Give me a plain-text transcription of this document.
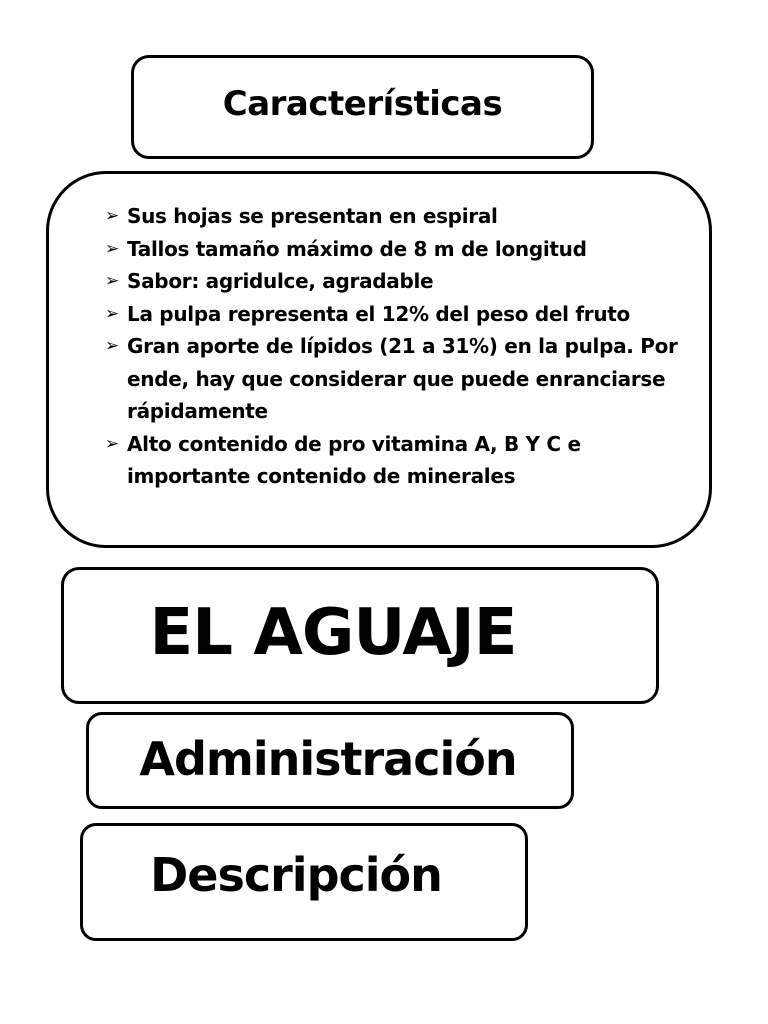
Características
➢ Sus hojas se presentan en espiral
➢ Tallos tamaño máximo de 8 m de longitud
➢ Sabor: agridulce, agradable
➢ La pulpa representa el 12% del peso del fruto
➢ Gran aporte de lípidos (21 a 31%) en la pulpa. Por ende, hay que considerar que puede enranciarse rápidamente
➢ Alto contenido de pro vitamina A, B Y C e importante contenido de minerales
EL AGUAJE
Administración
Descripción
